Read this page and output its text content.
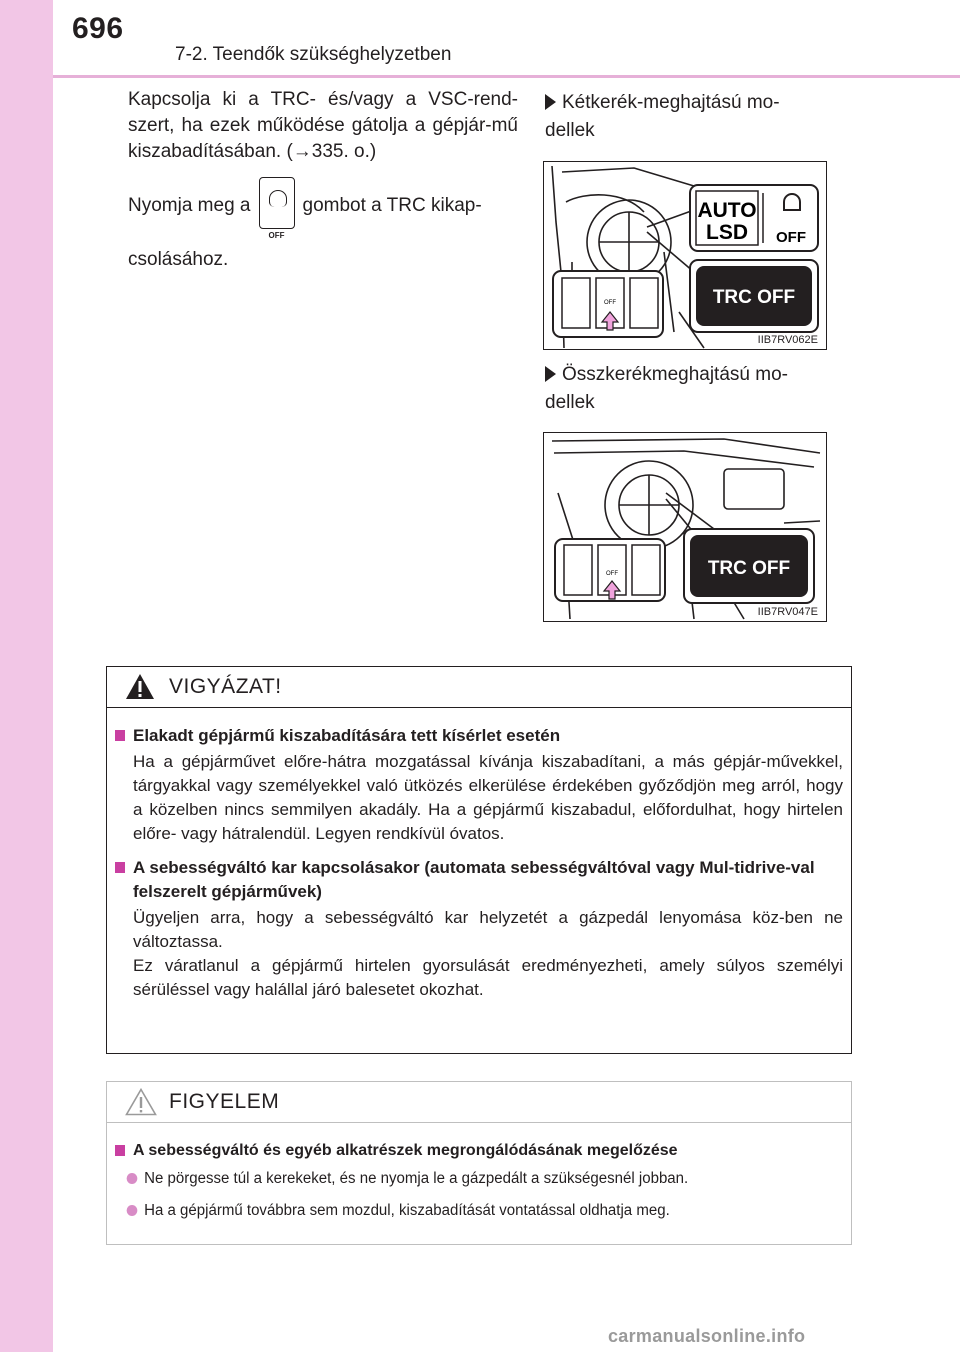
696
7-2. Teendők szükséghelyzetben

Kapcsolja ki a TRC- és/vagy a VSC-rend-szert, ha ezek működése gátolja a gépjár-mű kiszabadításában. (→335. o.)

Nyomja meg a
OFF
gombot a TRC kikap-csolásához.
Kétkerék-meghajtású mo-dellek
OFF
AUTO
LSD OFF
TRC OFF
IIB7RV062E
Összkerékmeghajtású mo-dellek
OFF	TRC OFF
IIB7RV047E
VIGYÁZAT!
Elakadt gépjármű kiszabadítására tett kísérlet esetén

Ha a gépjárművet előre-hátra mozgatással kívánja kiszabadítani, a más gépjár-művekkel, tárgyakkal vagy személyekkel való ütközés elkerülése érdekében győződjön meg arról, hogy a közelben nincs semmilyen akadály. Ha a gépjármű kiszabadul, előfordulhat, hogy hirtelen előre- vagy hátralendül. Legyen rendkívül óvatos.

A sebességváltó kar kapcsolásakor (automata sebességváltóval vagy Mul-tidrive-val felszerelt gépjárművek)

Ügyeljen arra, hogy a sebességváltó kar helyzetét a gázpedál lenyomása köz-ben ne változtassa.

Ez váratlanul a gépjármű hirtelen gyorsulását eredményezheti, amely súlyos személyi sérüléssel vagy halállal járó balesetet okozhat.

FIGYELEM
A sebességváltó és egyéb alkatrészek megrongálódásának megelőzése
Ne pörgesse túl a kerekeket, és ne nyomja le a gázpedált a szükségesnél jobban.
Ha a gépjármű továbbra sem mozdul, kiszabadítását vontatással oldhatja meg.
carmanualsonline.info
